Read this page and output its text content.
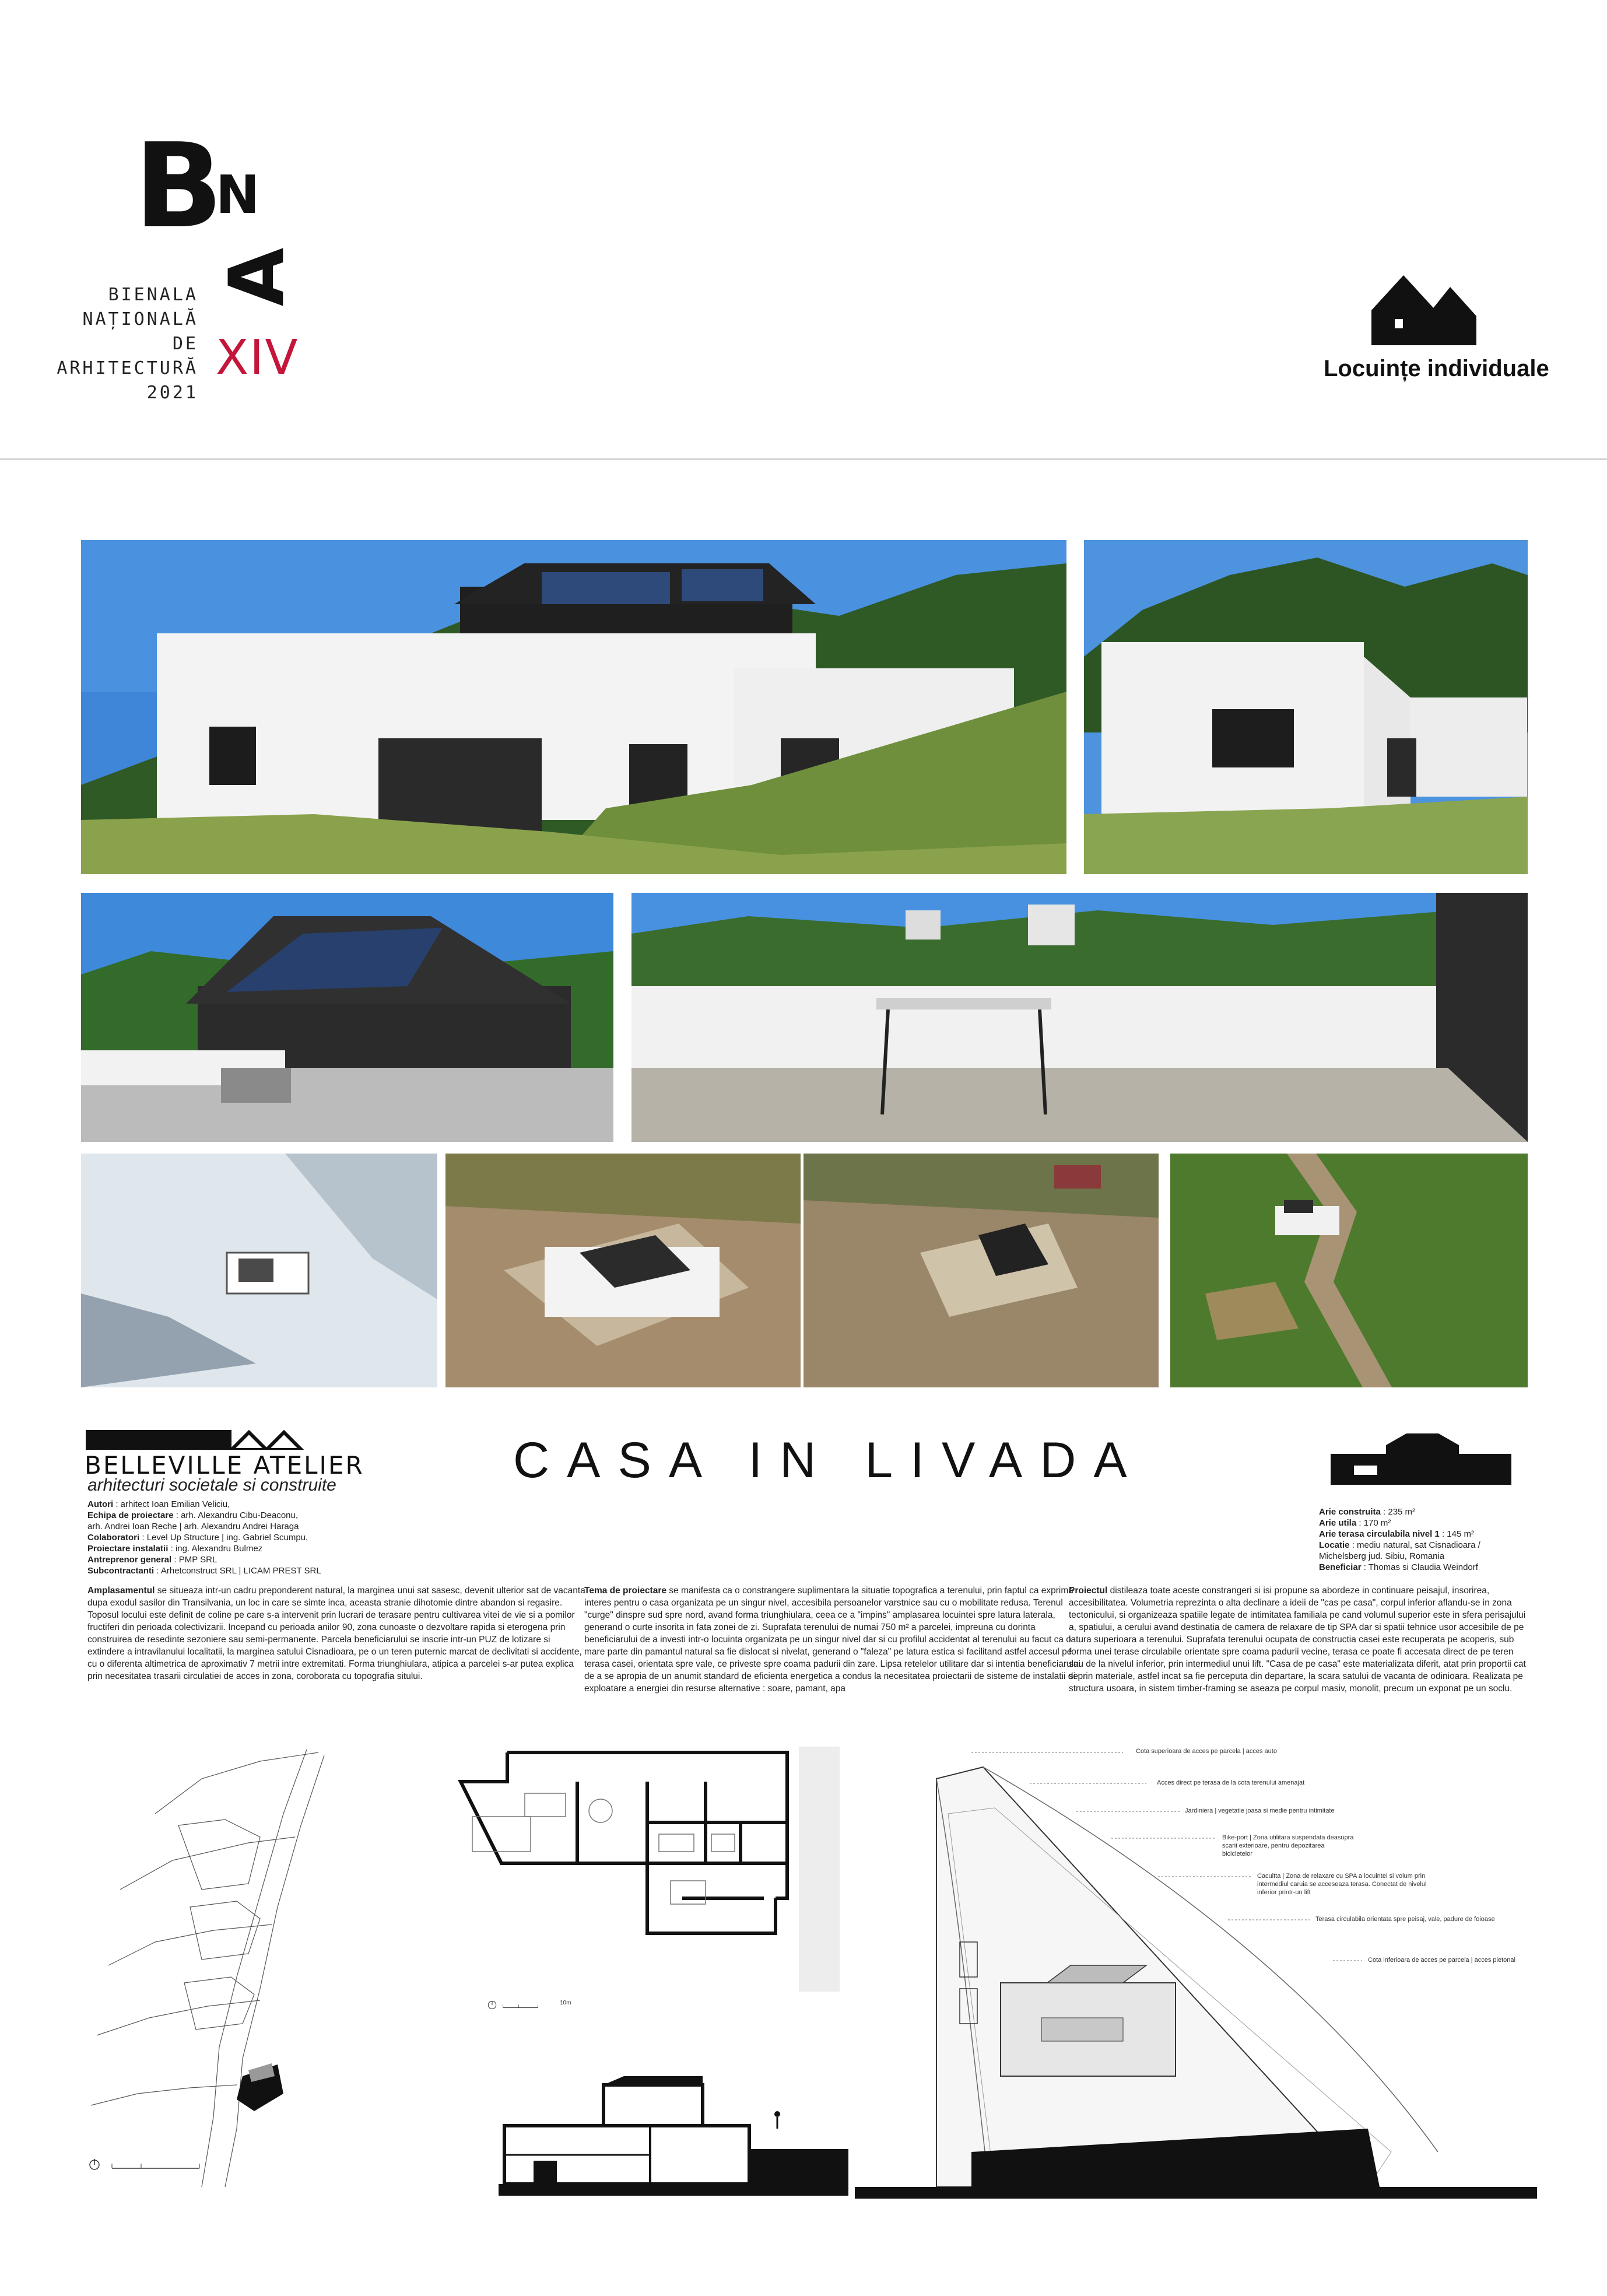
B
N
A
BIENALA
NAȚIONALĂ
DE
ARHITECTURĂ
2021
XIV	Locuințe individuale
BELLEVILLE ATELIER
arhitecturi societale si construite	CASA IN LIVADA
Autori : arhitect Ioan Emilian Veliciu,
Echipa de proiectare : arh. Alexandru Cibu-Deaconu,
arh. Andrei Ioan Reche | arh. Alexandru Andrei Haraga
Colaboratori : Level Up Structure | ing. Gabriel Scumpu,
Proiectare instalatii : ing. Alexandru Bulmez
Antreprenor general : PMP SRL
Subcontractanti : Arhetconstruct SRL | LICAM PREST SRL
Arie construita : 235 m²
Arie utila : 170 m²
Arie terasa circulabila nivel 1 : 145 m²
Locatie : mediu natural, sat Cisnadioara / Michelsberg jud. Sibiu, Romania
Beneficiar : Thomas si Claudia Weindorf
Amplasamentul se situeaza intr-un cadru preponderent natural, la marginea unui sat sasesc, devenit ulterior sat de vacanta dupa exodul sasilor din Transilvania, un loc in care se simte inca, aceasta stranie dihotomie dintre abandon si regasire. Toposul locului este definit de coline pe care s-a intervenit prin lucrari de terasare pentru cultivarea vitei de vie si a pomilor fructiferi din perioada colectivizarii. Incepand cu perioada anilor 90, zona cunoaste o dezvoltare rapida si eterogena prin construirea de resedinte sezoniere sau semi-permanente. Parcela beneficiarului se inscrie intr-un PUZ de lotizare si extindere a intravilanului localitatii, la marginea satului Cisnadioara, pe o un teren puternic marcat de declivitati si accidente, cu o diferenta altimetrica de aproximativ 7 metrii intre extremitati. Forma triunghiulara, atipica a parcelei s-ar putea explica prin necesitatea trasarii circulatiei de acces in zona, coroborata cu topografia sitului.
Tema de proiectare se manifesta ca o constrangere suplimentara la situatie topografica a terenului, prin faptul ca exprima interes pentru o casa organizata pe un singur nivel, accesibila persoanelor varstnice sau cu o mobilitate redusa. Terenul "curge" dinspre sud spre nord, avand forma triunghiulara, ceea ce a "impins" amplasarea locuintei spre latura laterala, generand o curte insorita in fata zonei de zi. Suprafata terenului de numai 750 m² a parcelei, impreuna cu dorinta beneficiarului de a investi intr-o locuinta organizata pe un singur nivel dar si cu profilul accidentat al terenului au facut ca o mare parte din pamantul natural sa fie dislocat si nivelat, generand o "faleza" pe latura estica si facilitand astfel accesul pe terasa casei, orientata spre vale, ce priveste spre coama padurii din zare. Lipsa retelelor utilitare dar si intentia beneficiarului de a se apropia de un anumit standard de eficienta energetica a condus la necesitatea proiectarii de sisteme de instalatii de exploatare a energiei din resurse alternative : soare, pamant, apa
Proiectul distileaza toate aceste constrangeri si isi propune sa abordeze in continuare peisajul, insorirea, accesibilitatea. Volumetria reprezinta o alta declinare a ideii de "cas pe casa", corpul inferior aflandu-se in zona tectonicului, si organizeaza spatiile legate de intimitatea familiala pe cand volumul superior este in sfera perisajului a, spatiului, a cerului avand destinatia de camera de relaxare de tip SPA dar si spatii tehnice usor accesibile de pe latura superioara a terenului. Suprafata terenului ocupata de constructia casei este recuperata pe acoperis, sub forma unei terase circulabile orientate spre coama padurii vecine, terasa ce poate fi accesata direct de pe teren sau de la nivelul inferior, prin intermediul unui lift. "Casa de pe casa" este materializata diferit, atat prin proportii cat si prin materiale, astfel incat sa fie perceputa din departare, la scara satului de vacanta de odinioara. Realizata pe structura usoara, in sistem timber-framing se aseaza pe corpul masiv, monolit, precum un exponat pe un soclu.
10m
Cota superioara de acces pe parcela | acces auto
Acces direct pe terasa de la cota terenului amenajat
Jardiniera | vegetatie joasa si medie pentru intimitate
Bike-port | Zona utilitara suspendata deasupra scarii exterioare, pentru depozitarea bicicletelor
Cacuitta | Zona de relaxare cu SPA a locuintei si volum prin intermediul caruia se acceseaza terasa. Conectat de nivelul inferior printr-un lift
Terasa circulabila orientata spre peisaj, vale, padure de foioase
Cota inferioara de acces pe parcela | acces pietonal
